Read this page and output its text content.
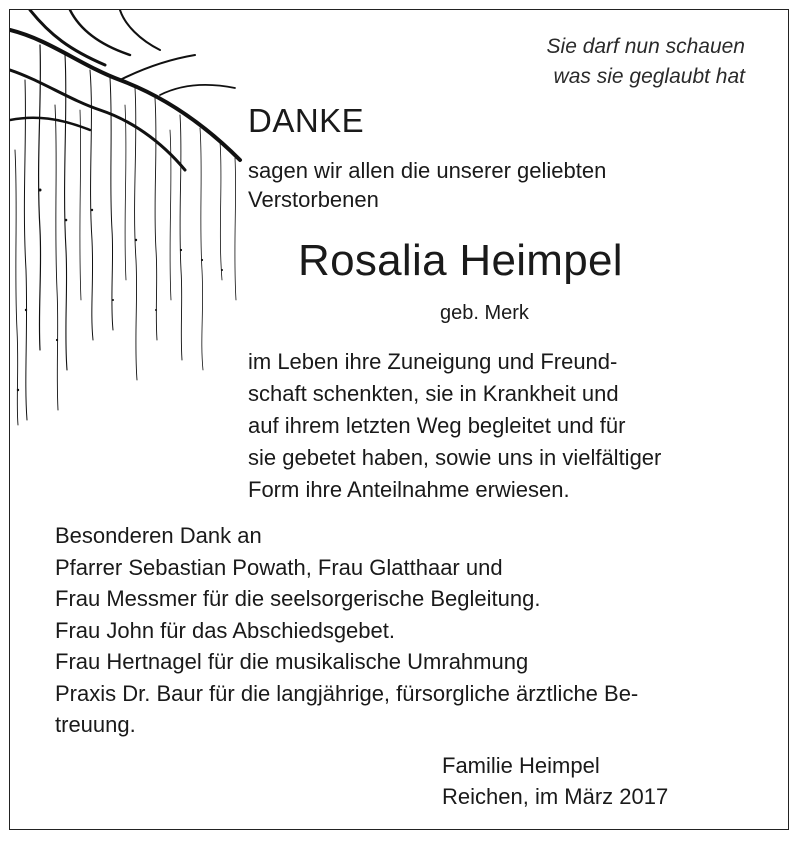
Sie darf nun schauen
was sie geglaubt hat
DANKE
sagen wir allen die unserer geliebten
Verstorbenen
Rosalia Heimpel
geb. Merk
im Leben ihre Zuneigung und Freund-
schaft schenkten, sie in Krankheit und
auf ihrem letzten Weg begleitet und für
sie gebetet haben, sowie uns in vielfältiger
Form ihre Anteilnahme erwiesen.
Besonderen Dank an
Pfarrer Sebastian Powath, Frau Glatthaar und
Frau Messmer für die seelsorgerische Begleitung.
Frau John für das Abschiedsgebet.
Frau Hertnagel für die musikalische Umrahmung
Praxis Dr. Baur für die langjährige, fürsorgliche ärztliche Be-
treuung.
Familie Heimpel
Reichen, im März 2017
